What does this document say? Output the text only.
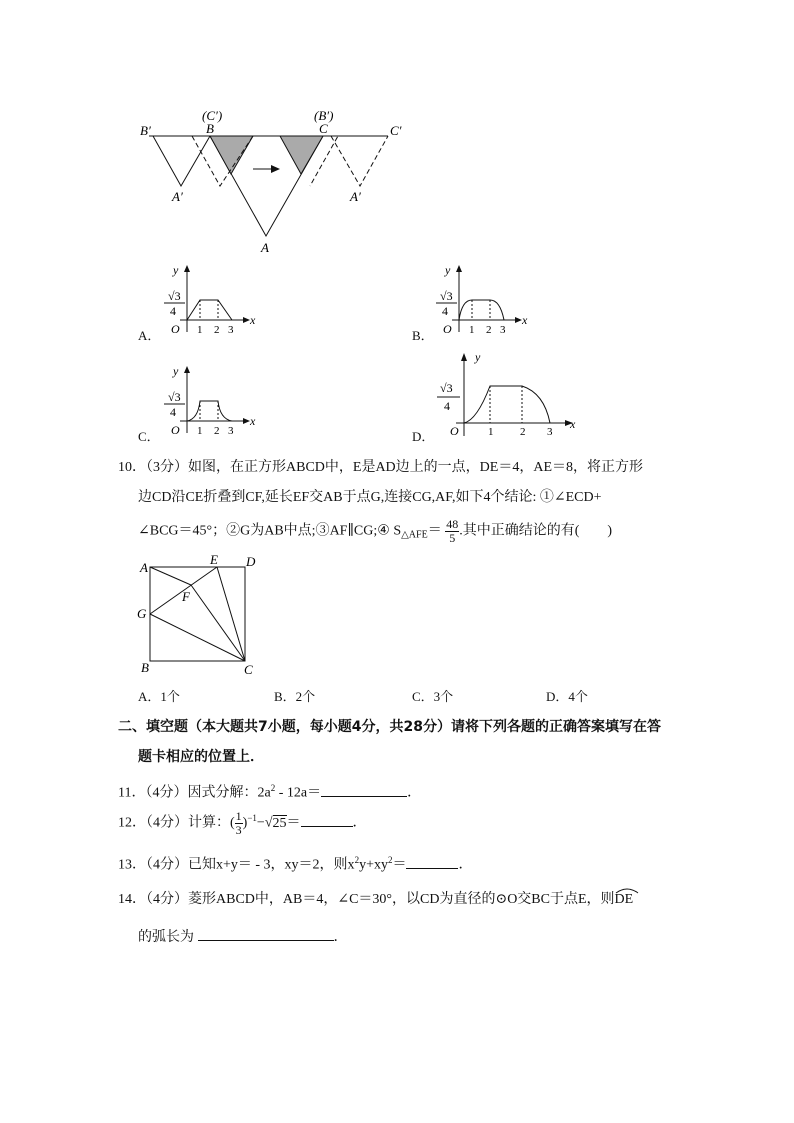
B′
(C′)
B
(B′)
C	C′
A′	A′
A
A．
y
√3
4
O 1 2 3
x
B．
y
√3
4
O 1 2 3
x
C．
y
√3
4
O 1 2 3
x
D．
y
√3
4
O	1 2 3
x
10．（3分）如图，在正方形ABCD中，E是AD边上的一点，DE＝4，AE＝8，将正方形
边CD沿CE折叠到CF,延长EF交AB于点G,连接CG,AF,如下4个结论: ①∠ECD+
∠BCG＝45°；②G为AB中点;③AF∥CG;④ $S_{\triangle AFE}= \frac{48}{5}$ .其中正确结论的有(　　)
A
E D
F
G
B	C
A．1个	B．2个	C．3个	D．4个
二、填空题（本大题共7小题，每小题4分，共28分）请将下列各题的正确答案填写在答
题卡相应的位置上．
11．（4分）因式分解：$2a^2 - 12a=$	．
12．（4分）计算：( $\frac{1}{3} )^{-1}-√25=$	．
13．（4分）已知x+y＝ - 3，xy＝2，则$x^2y+xy^2=$	．
14．（4分）菱形ABCD中，AB＝4，∠C＝30°，以CD为直径的⊙O交BC于点E，则
DE
的弧长为	．
